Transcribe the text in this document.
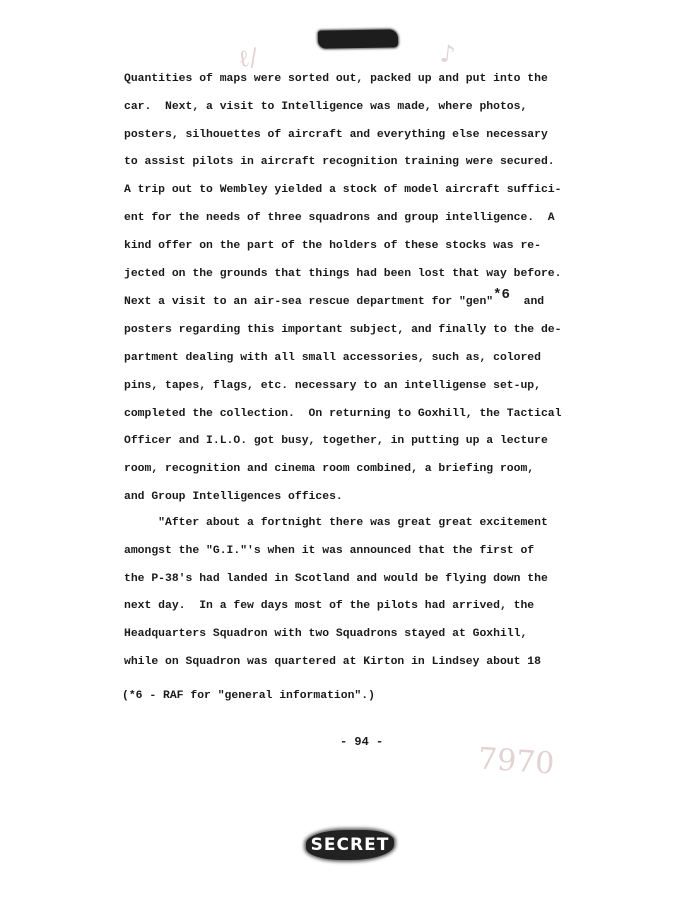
ℓ/	♪
Quantities of maps were sorted out, packed up and put into the
car.  Next, a visit to Intelligence was made, where photos,
posters, silhouettes of aircraft and everything else necessary
to assist pilots in aircraft recognition training were secured.
A trip out to Wembley yielded a stock of model aircraft suffici-
ent for the needs of three squadrons and group intelligence.  A
kind offer on the part of the holders of these stocks was re-
jected on the grounds that things had been lost that way before.
Next a visit to an air-sea rescue department for "gen"*6  and
posters regarding this important subject, and finally to the de-
partment dealing with all small accessories, such as, colored
pins, tapes, flags, etc. necessary to an intelligense set-up,
completed the collection.  On returning to Goxhill, the Tactical
Officer and I.L.O. got busy, together, in putting up a lecture
room, recognition and cinema room combined, a briefing room,
and Group Intelligences offices.
"After about a fortnight there was great great excitement
amongst the "G.I."'s when it was announced that the first of
the P-38's had landed in Scotland and would be flying down the
next day.  In a few days most of the pilots had arrived, the
Headquarters Squadron with two Squadrons stayed at Goxhill,
while on Squadron was quartered at Kirton in Lindsey about 18
(*6 - RAF for "general information".)
- 94 -	7970
SECRET
